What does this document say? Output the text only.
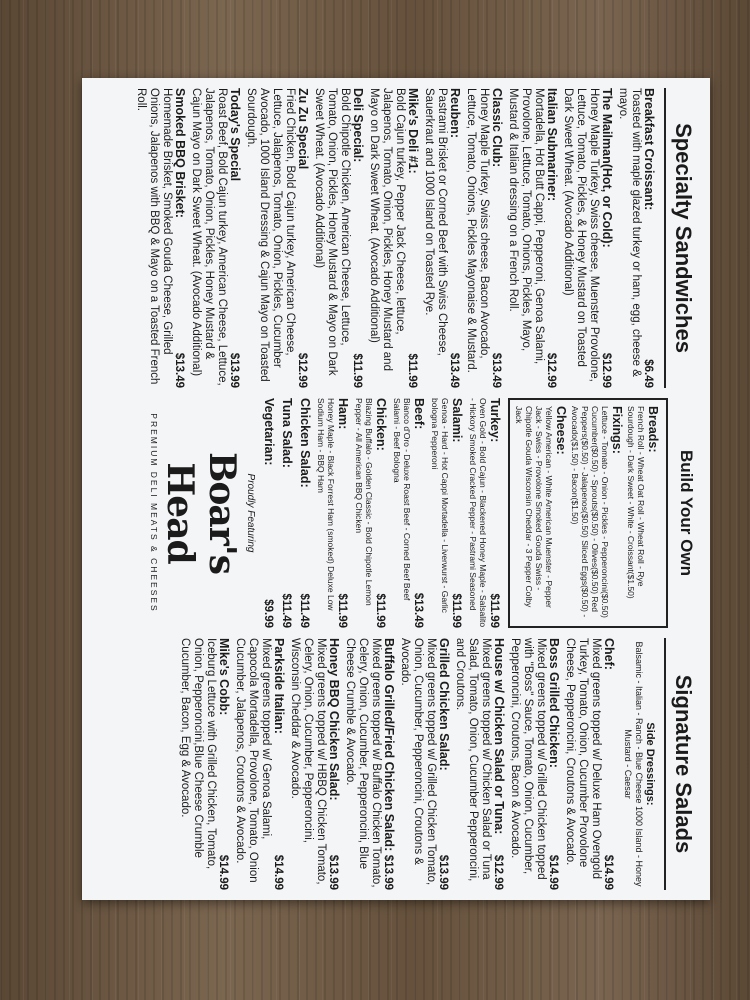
Specialty Sandwiches
Breakfast Croissant:
$6.49
Toasted with maple glazed turkey or ham, egg, cheese & mayo.
The Mailman(Hot, or Cold):
$12.99
Honey Maple Turkey, Swiss cheese, Muenster Provolone, Lettuce, Tomato, Pickles, & Honey Mustard on Toasted Dark Sweet Wheat. (Avocado Additional)
Italian Submariner:
$12.99
Mortadella, Hot Butt Cappi, Pepperoni, Genoa Salami, Provolone, Lettuce, Tomato, Onions, Pickles, Mayo, Mustard & Italian dressing on a French Roll.
Classic Club:
$13.49
Honey Maple Turkey, Swiss cheese, Bacon Avocado, Lettuce, Tomato, Onions, Pickles Mayonaise & Mustard.
Reuben:
$13.49
Pastrami Brisket or Corned Beef with Swiss Cheese, Sauerkraut and 1000 Island on Toasted Rye.
Mike's Deli #1:
$11.99
Bold Cajun turkey, Pepper Jack Cheese, lettuce, Jalapenos, Tomato, Onion, Pickles, Honey Mustard and Mayo on Dark Sweet Wheat. (Avocado Additional)
Deli Special:
$11.99
Bold Chipotle Chicken, American Cheese, Lettuce, Tomato, Onion, Pickles, Honey Mustard & Mayo on Dark Sweet Wheat. (Avocado Additional)
Zu Zu Special
$12.99
Fried Chicken, Bold Cajun turkey, American Cheese, Lettuce, Jalapenos, Tomato, Onion, Pickles, Cucumber Avocado, 1000 Island Dressing & Cajun Mayo on Toasted Sourdough.
Today's Special
$13.99
Roast Beef, Bold Cajun turkey, American Cheese, Lettuce, Jalapenos, Tomato, Onion, Pickles, Honey Mustard & Cajun Mayo on Dark Sweet Wheat. (Avocado Additional)
Smoked BBQ Brisket:
$13.49
Homemade Brisket, Smoked Gouda Cheese, Grilled Onions, Jalapenos with BBQ & Mayo on a Toasted French Roll.
Build Your Own
Breads:
French Roll - Wheat Oat Roll - Wheat Roll - Rye Sourdough - Dark Sweet - White - Croissant($1.50)
Fixings:
Lettuce - Tomato - Onion - Pickles - Pepperoncini($0.50) Cucumber($0.50) - Sprouts($0.50) - Olives($0.50) Red Peppers($0.50) - Jalapenos($0.50) Sliced Eggs($0.50) - Avocado($1.50) - Bacon($1.50)
Cheese:
Yellow American - White American Muenster - Pepper Jack - Swiss - Provolone Smoked Gouda Swiss - Chipotle Gouda Wisconsin Cheddar - 3 Pepper Colby Jack
Turkey:
$11.99
Oven Gold - Bold Cajun - Blackened Honey Maple - Salsalito - Hickory Smoked Cracked Pepper - Pastrami Seasoned
Salami:
$11.99
Genoa - Hard - Hot Cappi Mortadella - Liverwurst - Garlic bologna Pepperoni
Beef:
$13.49
Bianco d'Oro - Deluxe Roast Beef - Corned Beef Beef Salami - Beef Bologna
Chicken:
$11.99
Blazing Buffalo - Golden Classic - Bold Chipotle Lemon Pepper - All American BBQ Chicken
Ham:
$11.99
Honey Maple - Black Forrest Ham (smoked) Deluxe Low Sodium Ham - BBQ Ham
Chicken Salad:
$11.49
Tuna Salad:
$11.49
Vegetarian:
$9.99
Proudly Featuring
Boar's Head
PREMIUM DELI MEATS & CHEESES
Signature Salads
Side Dressings:
Balsamic - Italian - Ranch - Blue Cheese 1000 Island - Honey Mustard - Caesar
Chef:
$14.99
Mixed greens topped w/ Deluxe Ham Ovengold Turkey, Tomato, Onion, Cucumber Provolone Cheese, Pepperoncini, Croutons & Avocado.
Boss Grilled Chicken:
$14.99
Mixed greens topped w/ Grilled Chicken topped with "Boss" Sauce, Tomato, Onion, Cucumber, Pepperoncini, Croutons, Bacon & Avocado.
House w/ Chicken Salad or Tuna:
$12.99
Mixed greens topped w/ Chicken Salad or Tuna Salad, Tomato, Onion, Cucumber Pepperoncini, and Croutons.
Grilled Chicken Salad:
$13.99
Mixed greens topped w/ Grilled Chicken Tomato, Onion, Cucumber, Pepperoncini, Croutons & Avocado.
Buffalo Grilled/Fried Chicken Salad:
$13.99
Mixed greens topped w/ Buffalo Chicken Tomato, Celery, Onion, Cucumber, Pepperoncini, Blue Cheese Crumble & Avocado.
Honey BBQ Chicken Salad:
$13.99
Mixed greens topped w/ HBBQ Chicken Tomato, Celery, Onion, Cucumber, Pepperoncini, Wisconsin Cheddar & Avocado.
Parkside Italian:
$14.99
Mixed greens topped w/ Genoa Salami, Capocola Mortadella, Provolone, Tomato, Onion Cucumber, Jalapenos, Croutons & Avocado.
Mike's Cobb:
$14.99
Iceburg Lettuce with Grilled Chicken, Tomato, Onion, Pepperoncini,Blue Cheese Crumble Cucumber, Bacon, Egg & Avocado.
